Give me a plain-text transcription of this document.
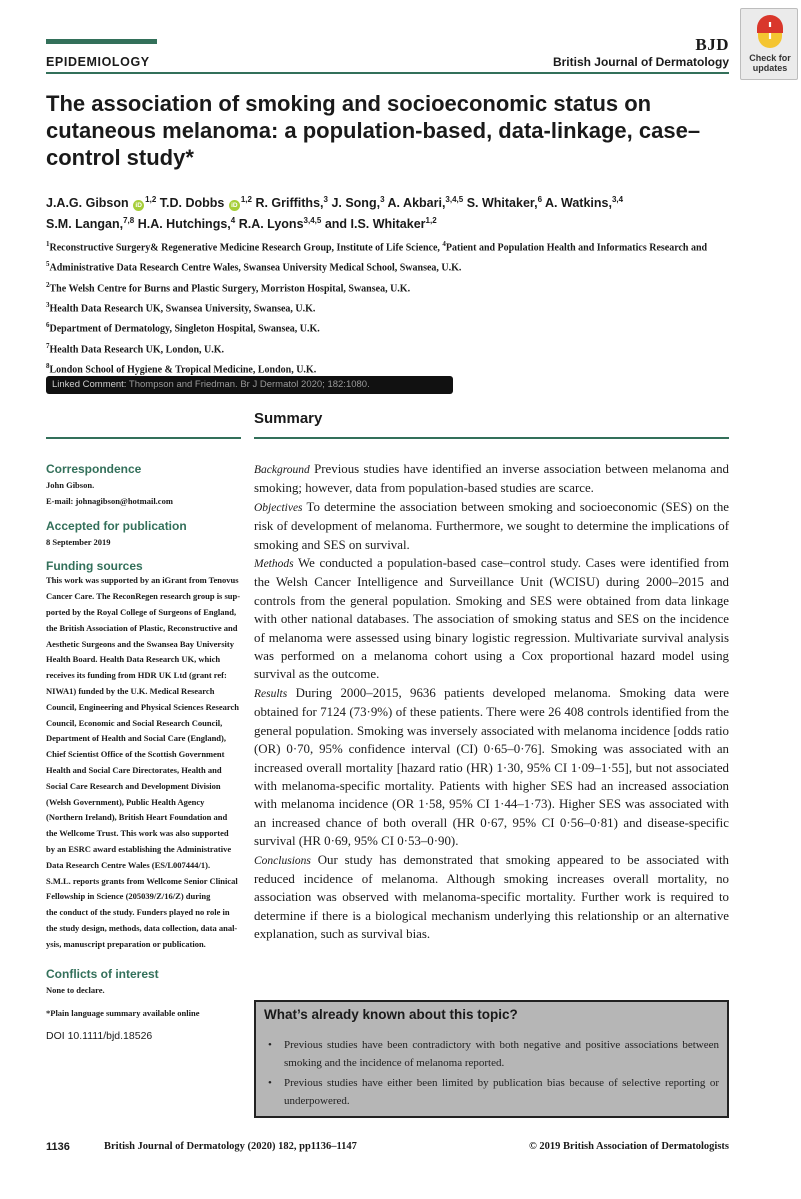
EPIDEMIOLOGY
BJD
British Journal of Dermatology	Check for
updates
The association of smoking and socioeconomic status on cutaneous melanoma: a population-based, data-linkage, case–control study*
J.A.G. Gibson iD$^{1,2}$ T.D. Dobbs iD$^{1,2}$ R. Griffiths,$^3$ J. Song,$^3$ A. Akbari,$^{3,4,5}$ S. Whitaker,$^6$ A. Watkins,$^{3,4}$
S.M. Langan,$^{7,8}$ H.A. Hutchings,$^4$ R.A. Lyons$^{3,4,5}$ and I.S. Whitaker$^{1,2}$
$^1$Reconstructive Surgery& Regenerative Medicine Research Group, Institute of Life Science, $^4$Patient and Population Health and Informatics Research and
$^5$Administrative Data Research Centre Wales, Swansea University Medical School, Swansea, U.K.
$^2$The Welsh Centre for Burns and Plastic Surgery, Morriston Hospital, Swansea, U.K.
$^3$Health Data Research UK, Swansea University, Swansea, U.K.
$^6$Department of Dermatology, Singleton Hospital, Swansea, U.K.
$^7$Health Data Research UK, London, U.K.
$^8$London School of Hygiene & Tropical Medicine, London, U.K.
Linked Comment: Thompson and Friedman. Br J Dermatol 2020; 182:1080.
Summary
Correspondence
John Gibson.
E-mail: johnagibson@hotmail.com
Accepted for publication
8 September 2019
Funding sources
This work was supported by an iGrant from Tenovus
Cancer Care. The ReconRegen research group is sup-
ported by the Royal College of Surgeons of England,
the British Association of Plastic, Reconstructive and
Aesthetic Surgeons and the Swansea Bay University
Health Board. Health Data Research UK, which
receives its funding from HDR UK Ltd (grant ref:
NIWA1) funded by the U.K. Medical Research
Council, Engineering and Physical Sciences Research
Council, Economic and Social Research Council,
Department of Health and Social Care (England),
Chief Scientist Office of the Scottish Government
Health and Social Care Directorates, Health and
Social Care Research and Development Division
(Welsh Government), Public Health Agency
(Northern Ireland), British Heart Foundation and
the Wellcome Trust. This work was also supported
by an ESRC award establishing the Administrative
Data Research Centre Wales (ES/L007444/1).
S.M.L. reports grants from Wellcome Senior Clinical
Fellowship in Science (205039/Z/16/Z) during
the conduct of the study. Funders played no role in
the study design, methods, data collection, data anal-
ysis, manuscript preparation or publication.
Conflicts of interest
None to declare.
*Plain language summary available online
DOI 10.1111/bjd.18526

Background Previous studies have identified an inverse association between melanoma and smoking; however, data from population-based studies are scarce.

Objectives To determine the association between smoking and socioeconomic (SES) on the risk of development of melanoma. Furthermore, we sought to determine the implications of smoking and SES on survival.

Methods We conducted a population-based case–control study. Cases were identified from the Welsh Cancer Intelligence and Surveillance Unit (WCISU) during 2000–2015 and controls from the general population. Smoking and SES were obtained from data linkage with other national databases. The association of smoking status and SES on the incidence of melanoma were assessed using binary logistic regression. Multivariate survival analysis was performed on a melanoma cohort using a Cox proportional hazard model using survival as the outcome.

Results During 2000–2015, 9636 patients developed melanoma. Smoking data were obtained for 7124 (73·9%) of these patients. There were 26 408 controls identified from the general population. Smoking was inversely associated with melanoma incidence [odds ratio (OR) 0·70, 95% confidence interval (CI) 0·65–0·76]. Smoking was associated with an increased overall mortality [hazard ratio (HR) 1·30, 95% CI 1·09–1·55], but not associated with melanoma-specific mortality. Patients with higher SES had an increased association with melanoma incidence (OR 1·58, 95% CI 1·44–1·73). Higher SES was associated with an increased chance of both overall (HR 0·67, 95% CI 0·56–0·81) and disease-specific survival (HR 0·69, 95% CI 0·53–0·90).

Conclusions Our study has demonstrated that smoking appeared to be associated with reduced incidence of melanoma. Although smoking increases overall mortality, no association was observed with melanoma-specific mortality. Further work is required to determine if there is a biological mechanism underlying this relationship or an alternative explanation, such as survival bias.

What’s already known about this topic?
• Previous studies have been contradictory with both negative and positive associations between smoking and the incidence of melanoma reported.
• Previous studies have either been limited by publication bias because of selective reporting or underpowered.
1136	British Journal of Dermatology (2020) 182, pp1136–1147	© 2019 British Association of Dermatologists
